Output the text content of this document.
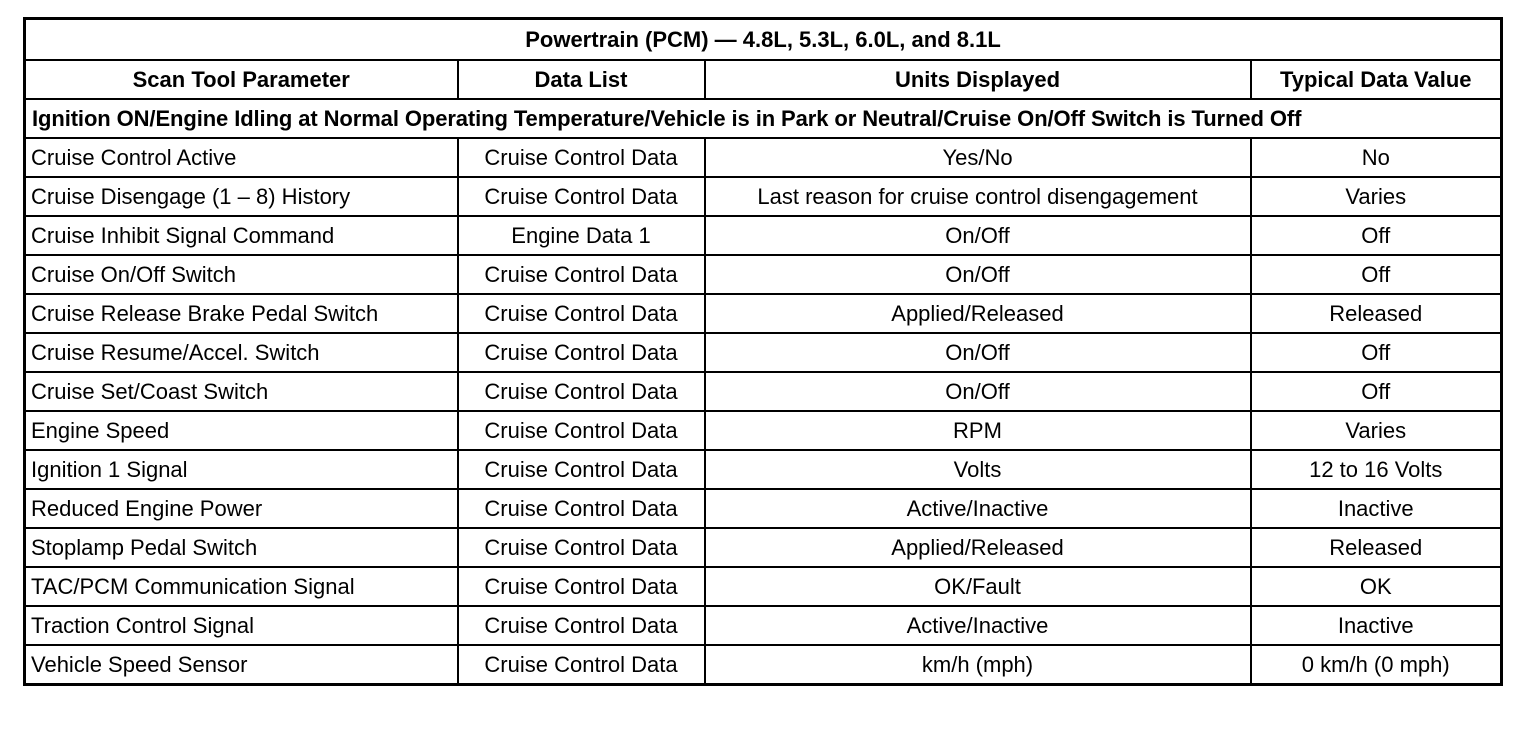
Powertrain (PCM) — 4.8L, 5.3L, 6.0L, and 8.1L			
Scan Tool Parameter	Data List	Units Displayed	Typical Data Value
Ignition ON/Engine Idling at Normal Operating Temperature/Vehicle is in Park or Neutral/Cruise On/Off Switch is Turned Off			
Cruise Control Active	Cruise Control Data	Yes/No	No
Cruise Disengage (1 – 8) History	Cruise Control Data	Last reason for cruise control disengagement	Varies
Cruise Inhibit Signal Command	Engine Data 1	On/Off	Off
Cruise On/Off Switch	Cruise Control Data	On/Off	Off
Cruise Release Brake Pedal Switch	Cruise Control Data	Applied/Released	Released
Cruise Resume/Accel. Switch	Cruise Control Data	On/Off	Off
Cruise Set/Coast Switch	Cruise Control Data	On/Off	Off
Engine Speed	Cruise Control Data	RPM	Varies
Ignition 1 Signal	Cruise Control Data	Volts	12 to 16 Volts
Reduced Engine Power	Cruise Control Data	Active/Inactive	Inactive
Stoplamp Pedal Switch	Cruise Control Data	Applied/Released	Released
TAC/PCM Communication Signal	Cruise Control Data	OK/Fault	OK
Traction Control Signal	Cruise Control Data	Active/Inactive	Inactive
Vehicle Speed Sensor	Cruise Control Data	km/h (mph)	0 km/h (0 mph)
